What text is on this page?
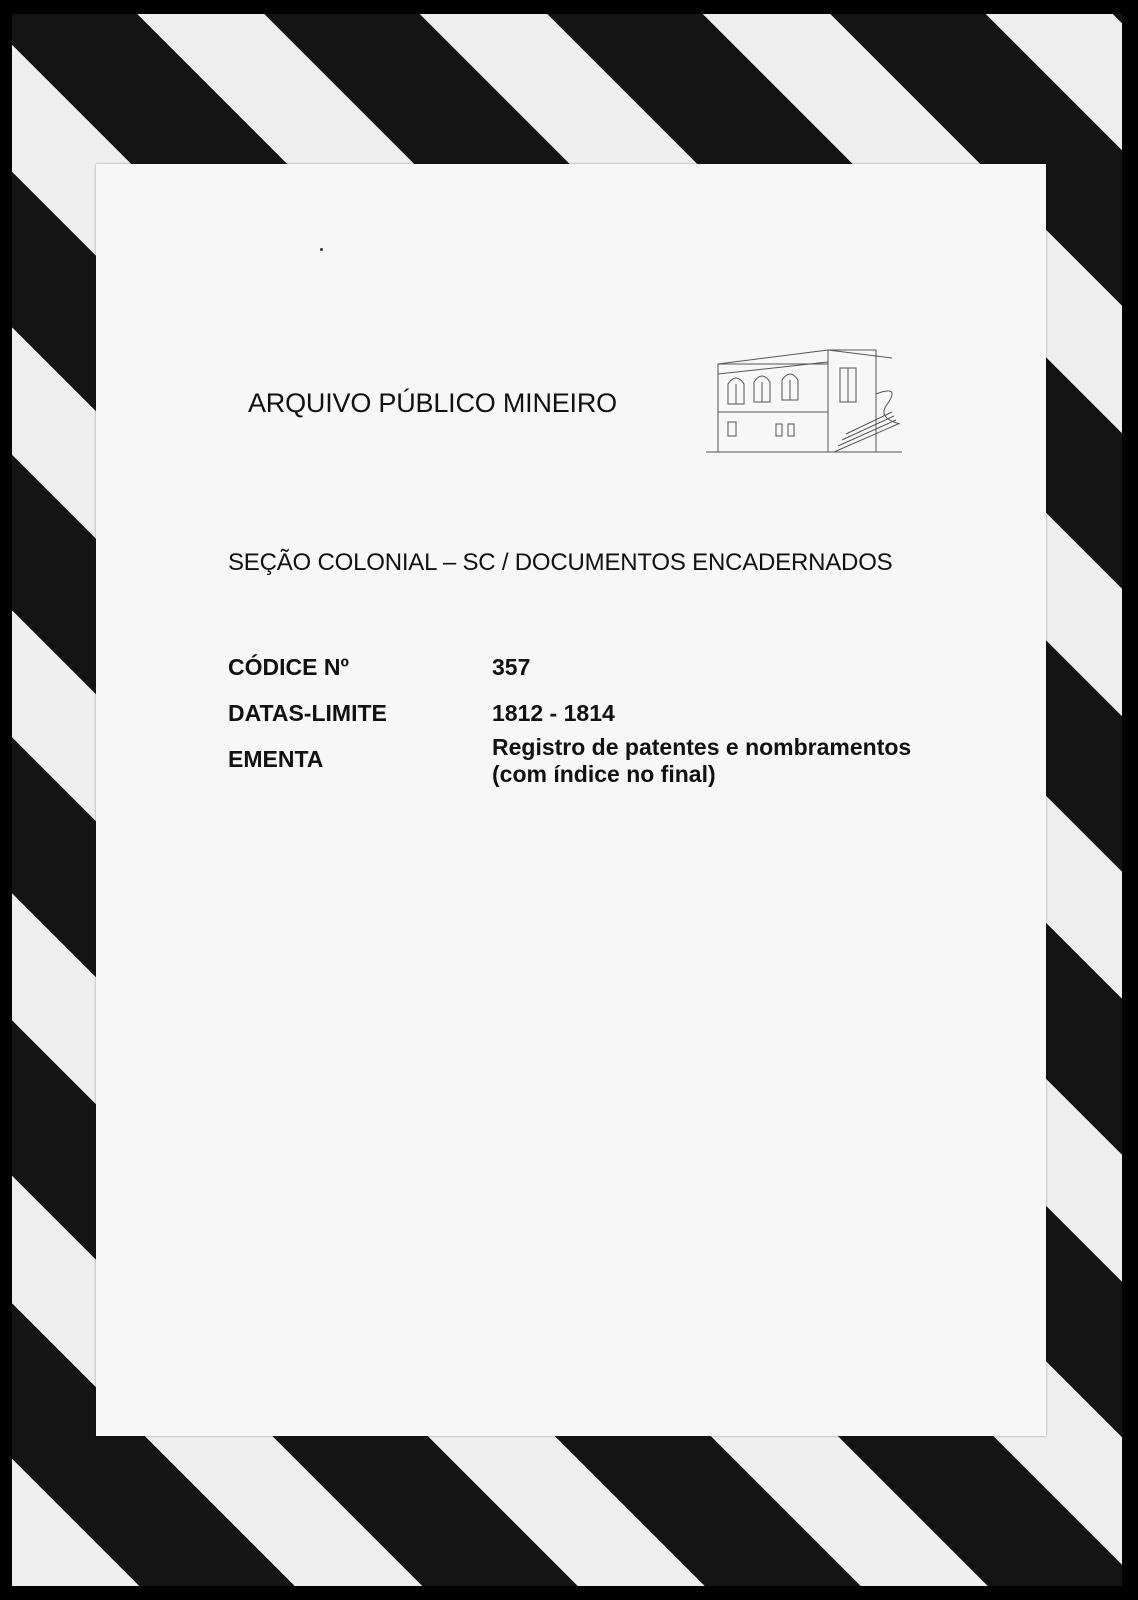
ARQUIVO PÚBLICO MINEIRO
SEÇÃO COLONIAL – SC / DOCUMENTOS ENCADERNADOS
CÓDICE Nº	357
DATAS-LIMITE	1812 - 1814
EMENTA	Registro de patentes e nombramentos
(com índice no final)
